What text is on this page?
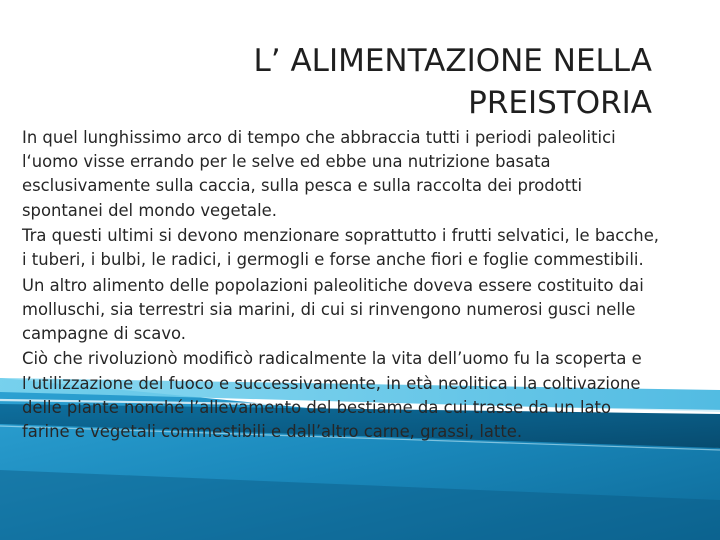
L’ ALIMENTAZIONE NELLA
PREISTORIA

In quel lunghissimo arco di tempo che abbraccia tutti i periodi paleolitici l‘uomo visse errando per le selve ed ebbe una nutrizione basata esclusivamente sulla caccia, sulla pesca e sulla raccolta dei prodotti spontanei del mondo vegetale.

Tra questi ultimi si devono menzionare soprattutto i frutti selvatici, le bacche, i tuberi, i bulbi, le radici, i germogli e forse anche fiori e foglie commestibili.

Un altro alimento delle popolazioni paleolitiche doveva essere costituito dai molluschi, sia terrestri sia marini, di cui si rinvengono numerosi gusci nelle campagne di scavo.

Ciò che rivoluzionò modificò radicalmente la vita dell’uomo fu la scoperta e l’utilizzazione del fuoco e successivamente, in età neolitica i la coltivazione delle piante nonché l’allevamento del bestiame da cui trasse da un lato farine e vegetali commestibili e dall’altro carne, grassi, latte.
